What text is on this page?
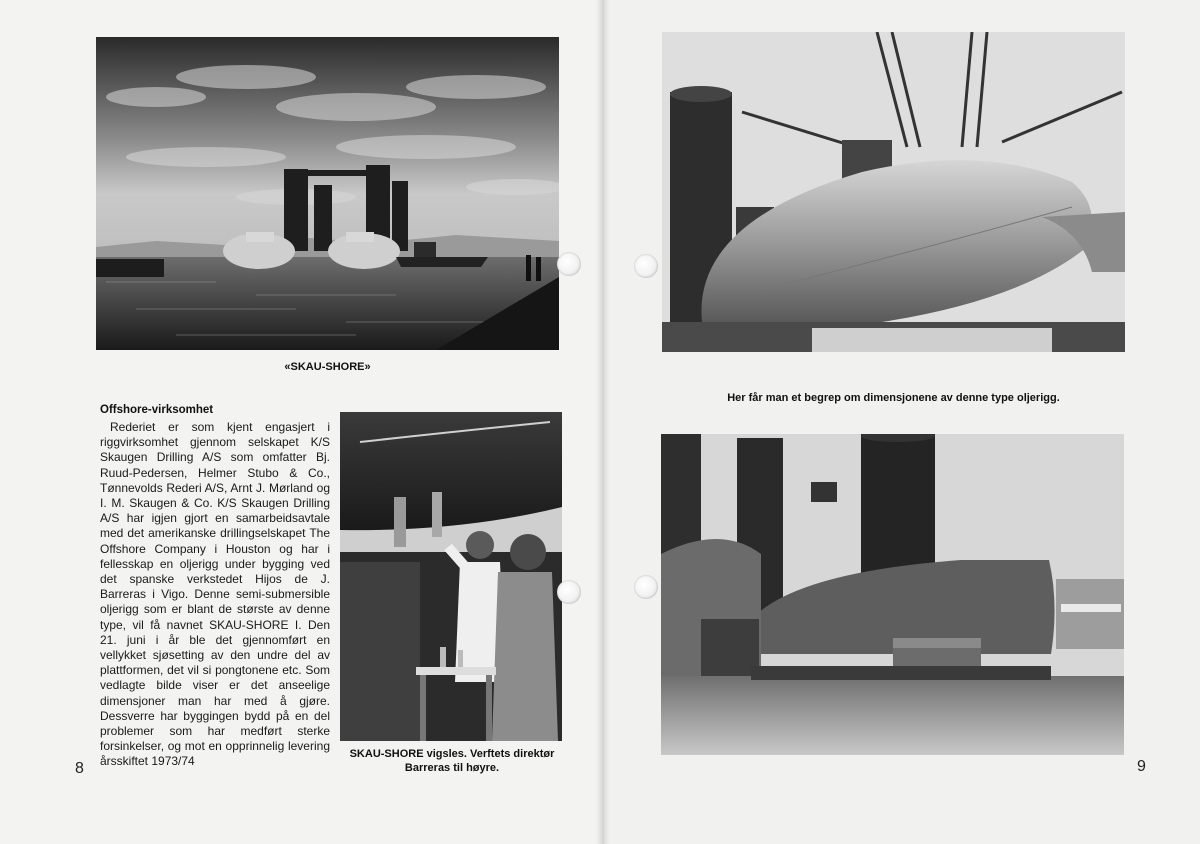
«SKAU-SHORE»
Offshore-virksomhet

Rederiet er som kjent engasjert i riggvirksomhet gjennom selskapet K/S Skaugen Drilling A/S som omfatter Bj. Ruud-Pedersen, Helmer Stubo & Co., Tønnevolds Rederi A/S, Arnt J. Mørland og I. M. Skaugen & Co. K/S Skaugen Drilling A/S har igjen gjort en samarbeidsavtale med det amerikanske drillingselskapet The Offshore Company i Houston og har i fellesskap en oljerigg under bygging ved det spanske verkstedet Hijos de J. Barreras i Vigo. Denne semi-submersible oljerigg som er blant de største av denne type, vil få navnet SKAU-SHORE I. Den 21. juni i år ble det gjennomført en vellykket sjøsetting av den undre del av plattformen, det vil si pongtonene etc. Som vedlagte bilde viser er det anseelige dimensjoner man har med å gjøre. Dessverre har byggingen bydd på en del problemer som har medført sterke forsinkelser, og mot en opprinnelig levering årsskiftet 1973/74

SKAU-SHORE vigsles. Verftets direktør
Barreras til høyre.
8
Her får man et begrep om dimensjonene av denne type oljerigg.
9
